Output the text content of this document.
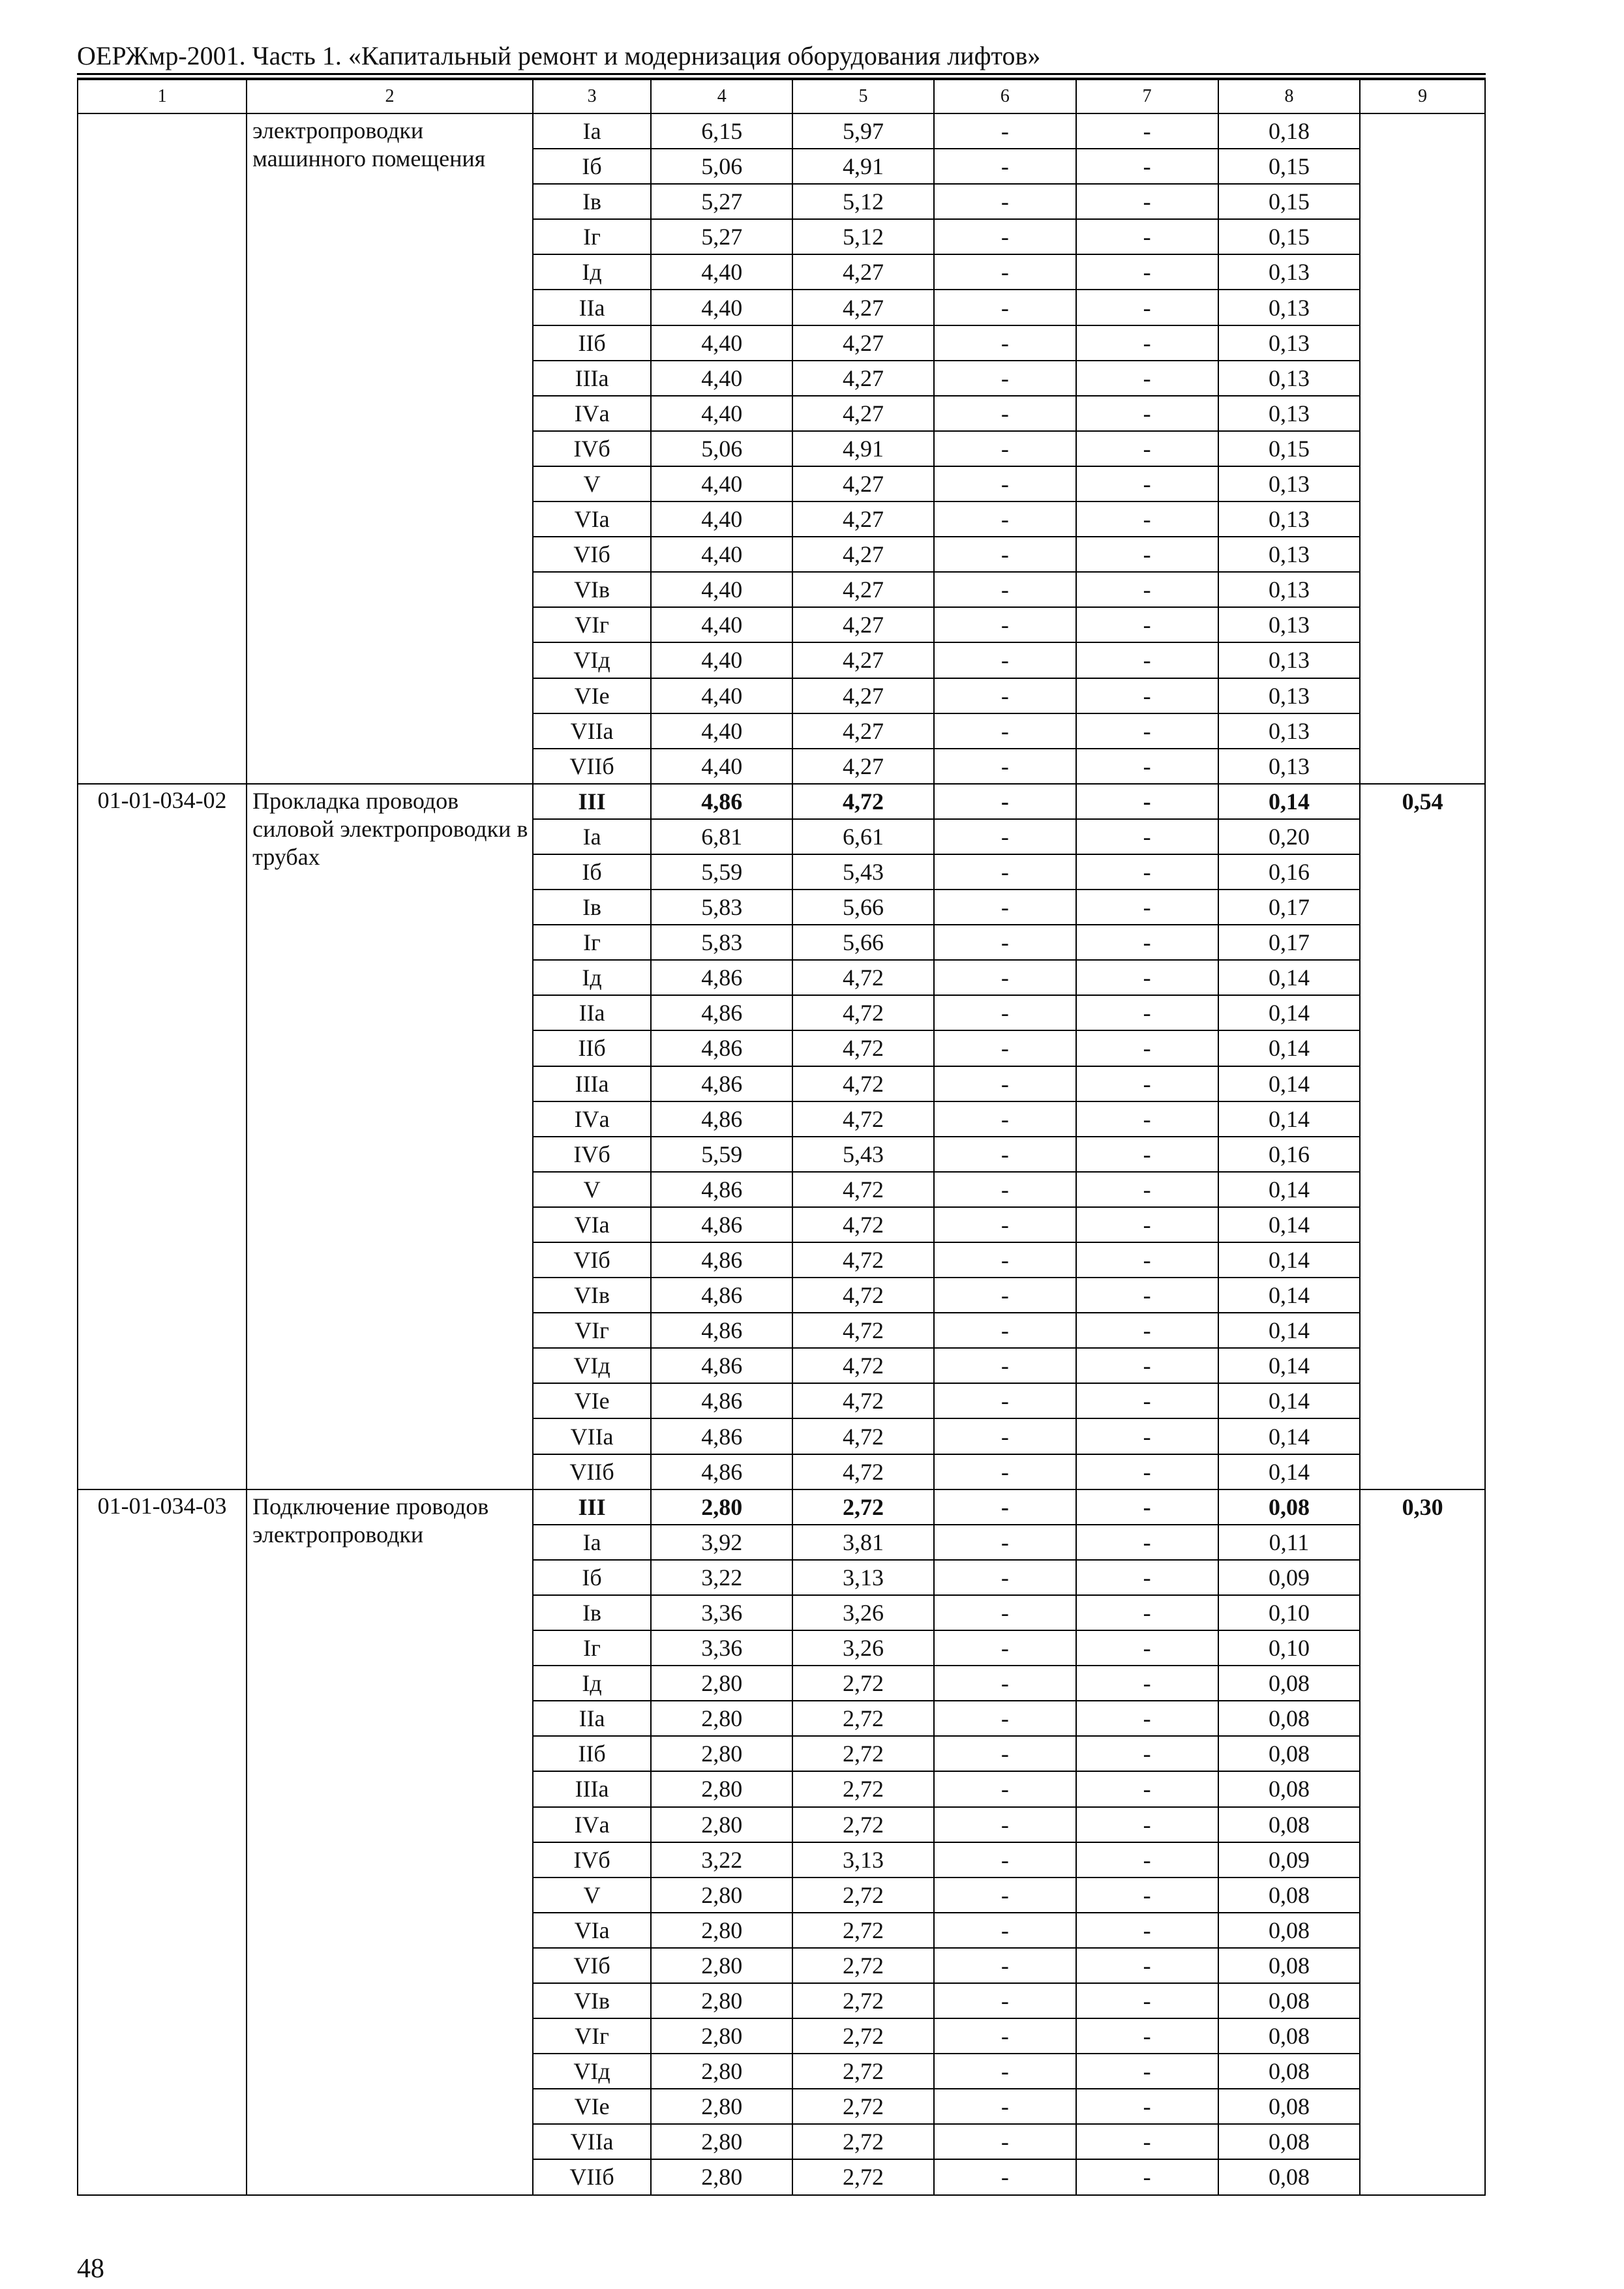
ОЕРЖмр-2001. Часть 1. «Капитальный ремонт и модернизация оборудования лифтов»
1	2	3	4	5	6	7	8	9
	электропроводки машинного помещения	Iа	6,15	5,97	-	-	0,18	
		Iб	5,06	4,91	-	-	0,15	
		Iв	5,27	5,12	-	-	0,15	
		Iг	5,27	5,12	-	-	0,15	
		Iд	4,40	4,27	-	-	0,13	
		IIа	4,40	4,27	-	-	0,13	
		IIб	4,40	4,27	-	-	0,13	
		IIIа	4,40	4,27	-	-	0,13	
		IVа	4,40	4,27	-	-	0,13	
		IVб	5,06	4,91	-	-	0,15	
		V	4,40	4,27	-	-	0,13	
		VIа	4,40	4,27	-	-	0,13	
		VIб	4,40	4,27	-	-	0,13	
		VIв	4,40	4,27	-	-	0,13	
		VIг	4,40	4,27	-	-	0,13	
		VIд	4,40	4,27	-	-	0,13	
		VIе	4,40	4,27	-	-	0,13	
		VIIа	4,40	4,27	-	-	0,13	
		VIIб	4,40	4,27	-	-	0,13	
01-01-034-02	Прокладка проводов силовой электропроводки в трубах	III	4,86	4,72	-	-	0,14	0,54
		Iа	6,81	6,61	-	-	0,20	
		Iб	5,59	5,43	-	-	0,16	
		Iв	5,83	5,66	-	-	0,17	
		Iг	5,83	5,66	-	-	0,17	
		Iд	4,86	4,72	-	-	0,14	
		IIа	4,86	4,72	-	-	0,14	
		IIб	4,86	4,72	-	-	0,14	
		IIIа	4,86	4,72	-	-	0,14	
		IVа	4,86	4,72	-	-	0,14	
		IVб	5,59	5,43	-	-	0,16	
		V	4,86	4,72	-	-	0,14	
		VIа	4,86	4,72	-	-	0,14	
		VIб	4,86	4,72	-	-	0,14	
		VIв	4,86	4,72	-	-	0,14	
		VIг	4,86	4,72	-	-	0,14	
		VIд	4,86	4,72	-	-	0,14	
		VIе	4,86	4,72	-	-	0,14	
		VIIа	4,86	4,72	-	-	0,14	
		VIIб	4,86	4,72	-	-	0,14	
01-01-034-03	Подключение проводов электропроводки	III	2,80	2,72	-	-	0,08	0,30
		Iа	3,92	3,81	-	-	0,11	
		Iб	3,22	3,13	-	-	0,09	
		Iв	3,36	3,26	-	-	0,10	
		Iг	3,36	3,26	-	-	0,10	
		Iд	2,80	2,72	-	-	0,08	
		IIа	2,80	2,72	-	-	0,08	
		IIб	2,80	2,72	-	-	0,08	
		IIIа	2,80	2,72	-	-	0,08	
		IVа	2,80	2,72	-	-	0,08	
		IVб	3,22	3,13	-	-	0,09	
		V	2,80	2,72	-	-	0,08	
		VIа	2,80	2,72	-	-	0,08	
		VIб	2,80	2,72	-	-	0,08	
		VIв	2,80	2,72	-	-	0,08	
		VIг	2,80	2,72	-	-	0,08	
		VIд	2,80	2,72	-	-	0,08	
		VIе	2,80	2,72	-	-	0,08	
		VIIа	2,80	2,72	-	-	0,08	
		VIIб	2,80	2,72	-	-	0,08	
48
